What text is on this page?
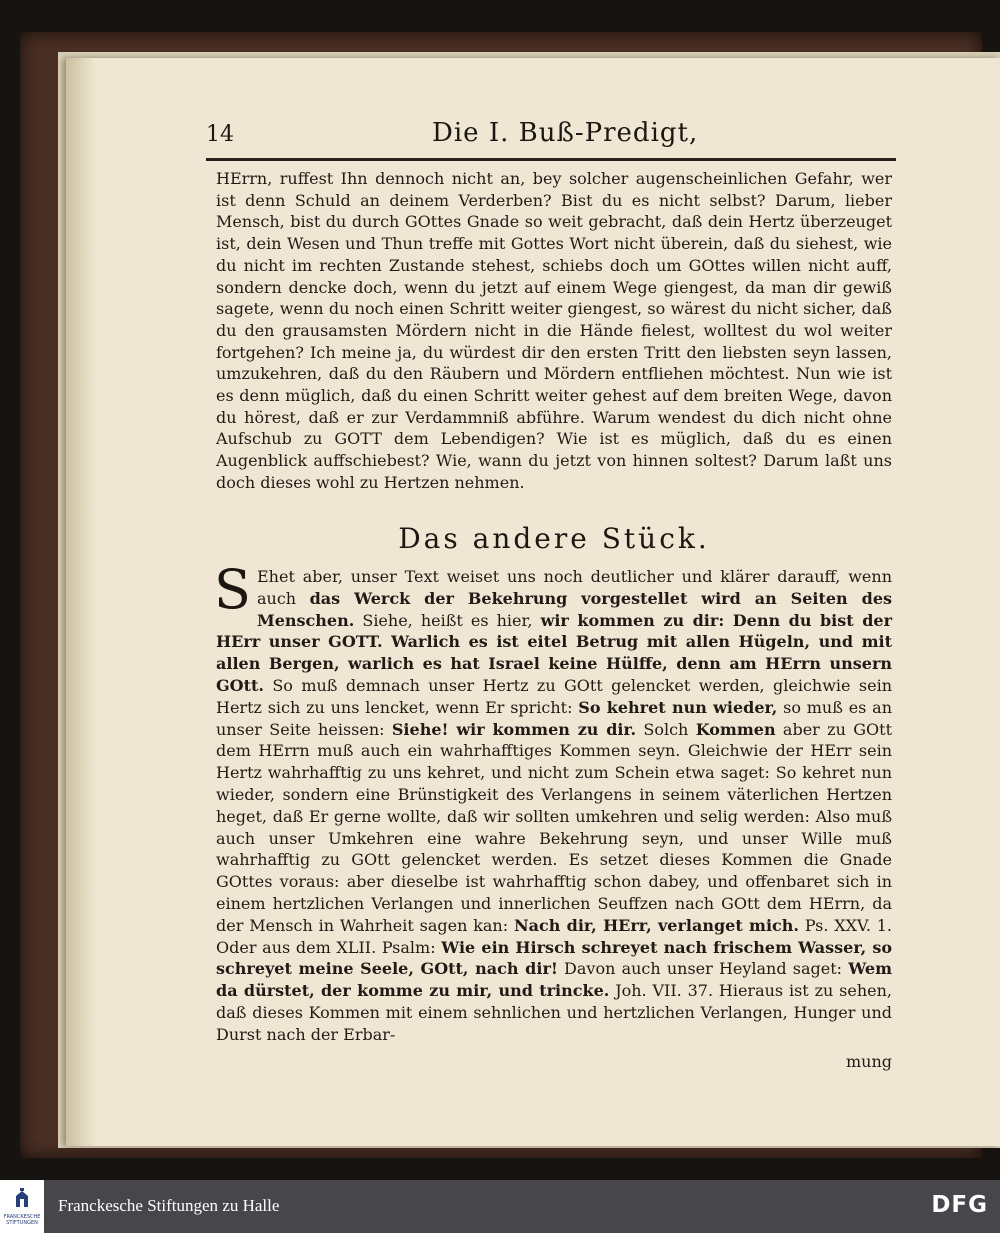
14	Die I. Buß-Predigt,

HErrn, ruffest Ihn dennoch nicht an, bey solcher augenscheinlichen Gefahr, wer ist denn Schuld an deinem Verderben? Bist du es nicht selbst? Darum, lieber Mensch, bist du durch GOttes Gnade so weit gebracht, daß dein Hertz überzeuget ist, dein Wesen und Thun treffe mit Gottes Wort nicht überein, daß du siehest, wie du nicht im rechten Zustande stehest, schiebs doch um GOttes willen nicht auff, sondern dencke doch, wenn du jetzt auf einem Wege giengest, da man dir gewiß sagete, wenn du noch einen Schritt weiter giengest, so wärest du nicht sicher, daß du den grausamsten Mördern nicht in die Hände fielest, wolltest du wol weiter fortgehen? Ich meine ja, du würdest dir den ersten Tritt den liebsten seyn lassen, umzukehren, daß du den Räubern und Mördern entfliehen möchtest. Nun wie ist es denn müglich, daß du einen Schritt weiter gehest auf dem breiten Wege, davon du hörest, daß er zur Verdammniß abführe. Warum wendest du dich nicht ohne Aufschub zu GOTT dem Lebendigen? Wie ist es müglich, daß du es einen Augenblick auffschiebest? Wie, wann du jetzt von hinnen soltest? Darum laßt uns doch dieses wohl zu Hertzen nehmen.

Das andere Stück.
S Ehet aber, unser Text weiset uns noch deutlicher und klärer darauff, wenn auch das Werck der Bekehrung vorgestellet wird an Seiten des Menschen. Siehe, heißt es hier, wir kommen zu dir: Denn du bist der HErr unser GOTT. Warlich es ist eitel Betrug mit allen Hügeln, und mit allen Bergen, warlich es hat Israel keine Hülffe, denn am HErrn unsern GOtt. So muß demnach unser Hertz zu GOtt gelencket werden, gleichwie sein Hertz sich zu uns lencket, wenn Er spricht: So kehret nun wieder, so muß es an unser Seite heissen: Siehe! wir kommen zu dir. Solch Kommen aber zu GOtt dem HErrn muß auch ein wahrhafftiges Kommen seyn. Gleichwie der HErr sein Hertz wahrhafftig zu uns kehret, und nicht zum Schein etwa saget: So kehret nun wieder, sondern eine Brünstigkeit des Verlangens in seinem väterlichen Hertzen heget, daß Er gerne wollte, daß wir sollten umkehren und selig werden: Also muß auch unser Umkehren eine wahre Bekehrung seyn, und unser Wille muß wahrhafftig zu GOtt gelencket werden. Es setzet dieses Kommen die Gnade GOttes voraus: aber dieselbe ist wahrhafftig schon dabey, und offenbaret sich in einem hertzlichen Verlangen und innerlichen Seuffzen nach GOtt dem HErrn, da der Mensch in Wahrheit sagen kan: Nach dir, HErr, verlanget mich. Ps. XXV. 1. Oder aus dem XLII. Psalm: Wie ein Hirsch schreyet nach frischem Wasser, so schreyet meine Seele, GOtt, nach dir! Davon auch unser Heyland saget: Wem da dürstet, der komme zu mir, und trincke. Joh. VII. 37. Hieraus ist zu sehen, daß dieses Kommen mit einem sehnlichen und hertzlichen Verlangen, Hunger und Durst nach der Erbar-

mung
FRANCKESCHE STIFTUNGEN
Franckesche Stiftungen zu Halle	DFG
